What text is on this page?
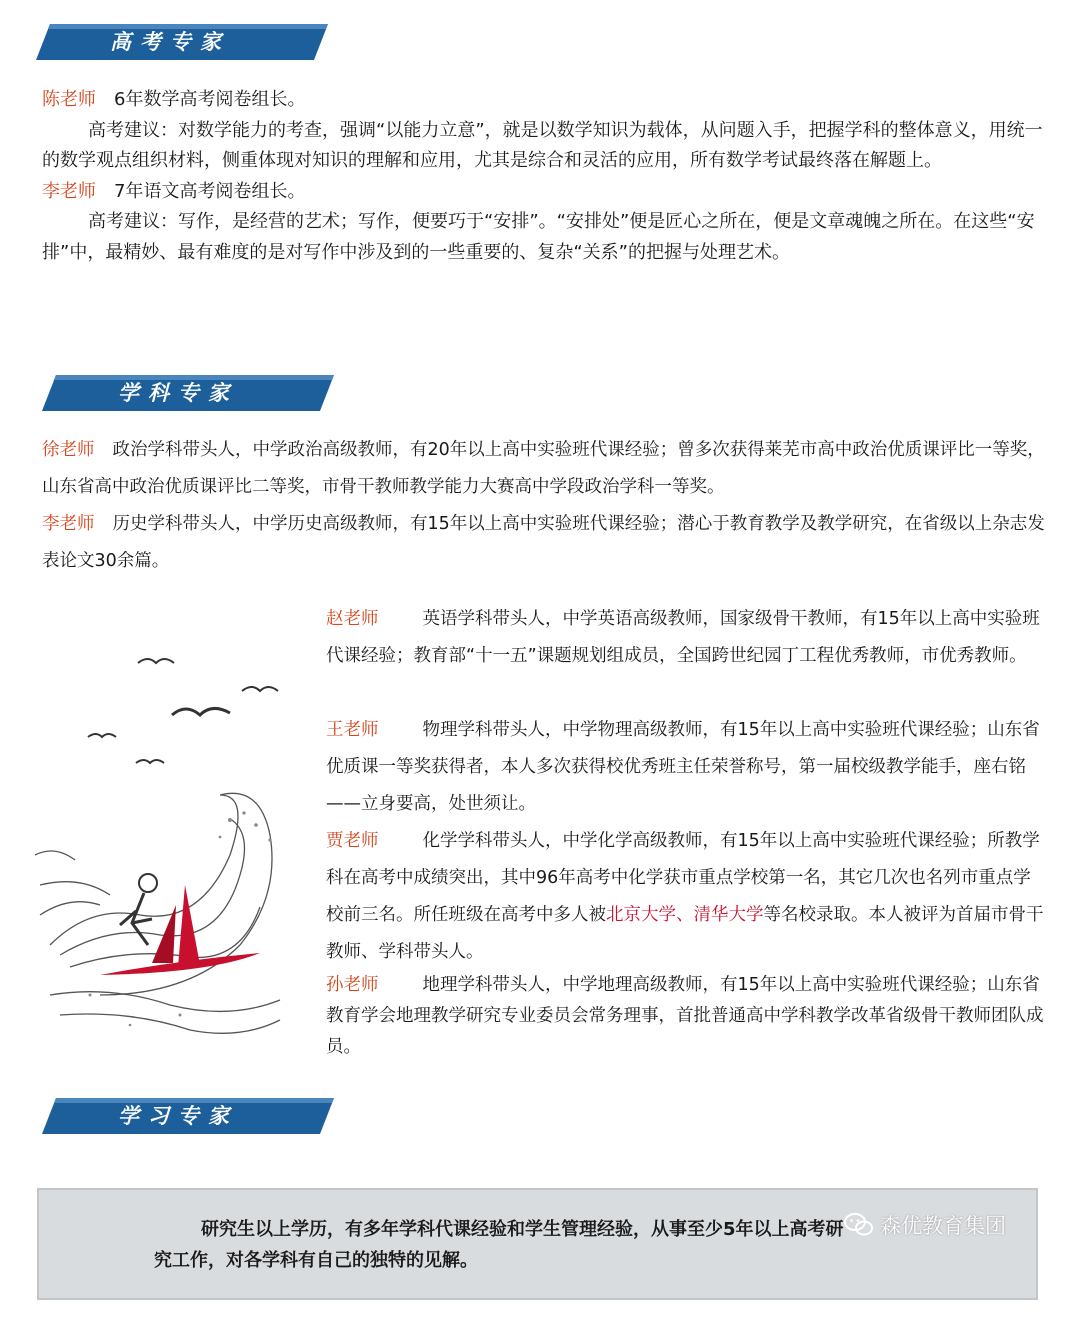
高考专家
陈老师 6年数学高考阅卷组长。
高考建议：对数学能力的考查，强调“以能力立意”，就是以数学知识为载体，从问题入手，把握学科的整体意义，用统一的数学观点组织材料，侧重体现对知识的理解和应用，尤其是综合和灵活的应用，所有数学考试最终落在解题上。
李老师 7年语文高考阅卷组长。
高考建议：写作，是经营的艺术；写作，便要巧于“安排”。“安排处”便是匠心之所在，便是文章魂魄之所在。在这些“安排”中，最精妙、最有难度的是对写作中涉及到的一些重要的、复杂“关系”的把握与处理艺术。
学科专家
徐老师 政治学科带头人，中学政治高级教师，有20年以上高中实验班代课经验；曾多次获得莱芜市高中政治优质课评比一等奖，山东省高中政治优质课评比二等奖，市骨干教师教学能力大赛高中学段政治学科一等奖。
李老师 历史学科带头人，中学历史高级教师，有15年以上高中实验班代课经验；潜心于教育教学及教学研究，在省级以上杂志发表论文30余篇。
赵老师	英语学科带头人，中学英语高级教师，国家级骨干教师，有15年以上高中实验班代课经验；教育部“十一五”课题规划组成员，全国跨世纪园丁工程优秀教师，市优秀教师。
王老师	物理学科带头人，中学物理高级教师，有15年以上高中实验班代课经验；山东省优质课一等奖获得者，本人多次获得校优秀班主任荣誉称号，第一届校级教学能手，座右铭——立身要高，处世须让。
贾老师	化学学科带头人，中学化学高级教师，有15年以上高中实验班代课经验；所教学科在高考中成绩突出，其中96年高考中化学获市重点学校第一名，其它几次也名列市重点学校前三名。所任班级在高考中多人被北京大学、清华大学等名校录取。本人被评为首届市骨干教师、学科带头人。
孙老师	地理学科带头人，中学地理高级教师，有15年以上高中实验班代课经验；山东省教育学会地理教学研究专业委员会常务理事，首批普通高中学科教学改革省级骨干教师团队成员。
学习专家
研究生以上学历，有多年学科代课经验和学生管理经验，从事至少5年以上高考研
究工作，对各学科有自己的独特的见解。
森优教育集团
